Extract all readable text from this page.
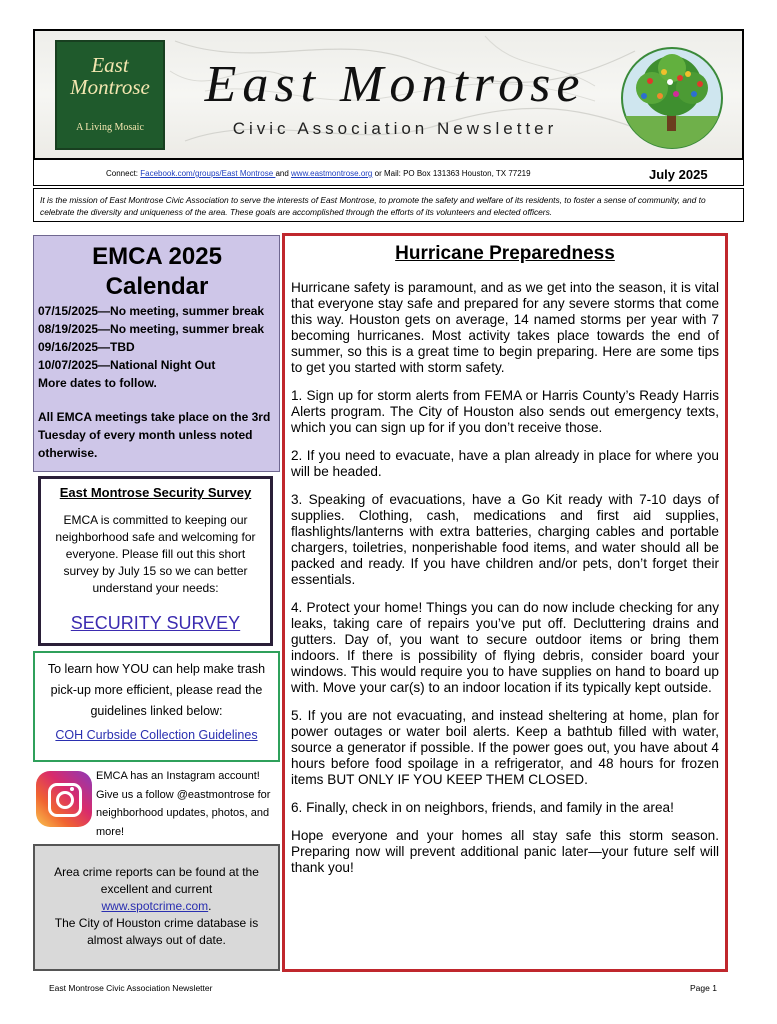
East
Montrose
A Living Mosaic
East Montrose
Civic Association Newsletter
Connect: Facebook.com/groups/East Montrose and www.eastmontrose.org or Mail: PO Box 131363 Houston, TX 77219	July 2025
It is the mission of East Montrose Civic Association to serve the interests of East Montrose, to promote the safety and welfare of its residents, to foster a sense of community, and to celebrate the diversity and uniqueness of the area. These goals are accomplished through the efforts of its volunteers and elected officers.
EMCA 2025
Calendar
07/15/2025—No meeting, summer break
08/19/2025—No meeting, summer break
09/16/2025—TBD
10/07/2025—National Night Out
More dates to follow.
All EMCA meetings take place on the 3rd Tuesday of every month unless noted otherwise.
East Montrose Security Survey
EMCA is committed to keeping our neighborhood safe and welcoming for everyone. Please fill out this short survey by July 15 so we can better understand your needs:
SECURITY SURVEY
To learn how YOU can help make trash pick-up more efficient, please read the guidelines linked below:
COH Curbside Collection Guidelines
EMCA has an Instagram account! Give us a follow @eastmontrose for neighborhood updates, photos, and more!
Area crime reports can be found at the excellent and current
www.spotcrime.com.
The City of Houston crime database is almost always out of date.
Hurricane Preparedness

Hurricane safety is paramount, and as we get into the season, it is vital that everyone stay safe and prepared for any severe storms that come this way. Houston gets on average, 14 named storms per year with 7 becoming hurricanes. Most activity takes place towards the end of summer, so this is a great time to begin preparing. Here are some tips to get you started with storm safety.

1. Sign up for storm alerts from FEMA or Harris County’s Ready Harris Alerts program. The City of Houston also sends out emergency texts, which you can sign up for if you don’t receive those.

2. If you need to evacuate, have a plan already in place for where you will be headed.

3. Speaking of evacuations, have a Go Kit ready with 7-10 days of supplies. Clothing, cash, medications and first aid supplies, flashlights/lanterns with extra batteries, charging cables and portable chargers, toiletries, nonperishable food items, and water should all be packed and ready. If you have children and/or pets, don’t forget their essentials.

4. Protect your home! Things you can do now include checking for any leaks, taking care of repairs you’ve put off. Decluttering drains and gutters. Day of, you want to secure outdoor items or bring them indoors. If there is possibility of flying debris, consider board your windows. This would require you to have supplies on hand to board up with. Move your car(s) to an indoor location if its typically kept outside.

5. If you are not evacuating, and instead sheltering at home, plan for power outages or water boil alerts. Keep a bathtub filled with water, source a generator if possible. If the power goes out, you have about 4 hours before food spoilage in a refrigerator, and 48 hours for frozen items BUT ONLY IF YOU KEEP THEM CLOSED.

6. Finally, check in on neighbors, friends, and family in the area!

Hope everyone and your homes all stay safe this storm season. Preparing now will prevent additional panic later—your future self will thank you!

East Montrose Civic Association Newsletter	Page 1
